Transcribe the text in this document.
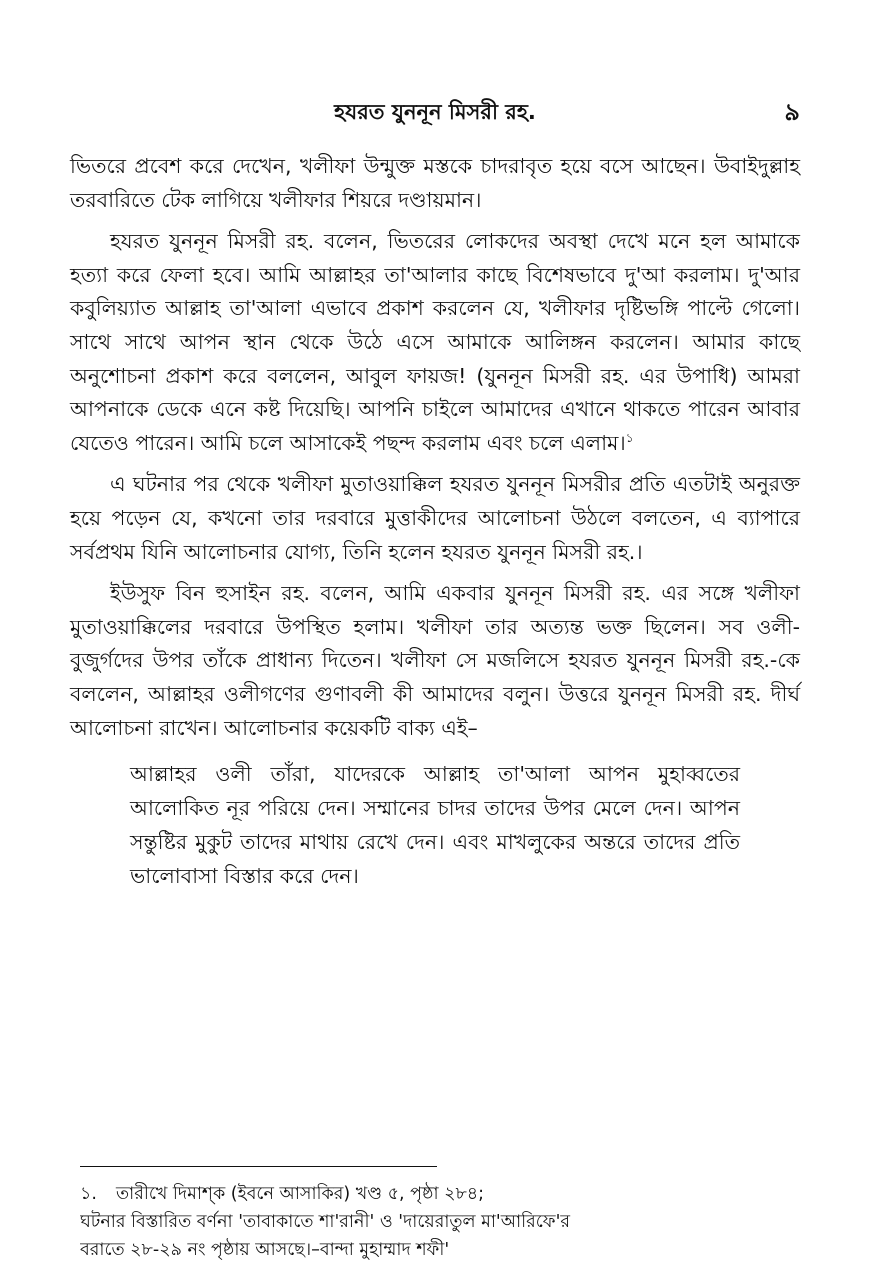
হযরত যুননূন মিসরী রহ.	৯

ভিতরে প্রবেশ করে দেখেন, খলীফা উন্মুক্ত মস্তকে চাদরাবৃত হয়ে বসে আছেন। উবাইদুল্লাহ তরবারিতে টেক লাগিয়ে খলীফার শিয়রে দণ্ডায়মান।

হযরত যুননূন মিসরী রহ. বলেন, ভিতরের লোকদের অবস্থা দেখে মনে হল আমাকে হত্যা করে ফেলা হবে। আমি আল্লাহর তা'আলার কাছে বিশেষভাবে দু'আ করলাম। দু'আর কবুলিয়্যাত আল্লাহ তা'আলা এভাবে প্রকাশ করলেন যে, খলীফার দৃষ্টিভঙ্গি পাল্টে গেলো। সাথে সাথে আপন স্থান থেকে উঠে এসে আমাকে আলিঙ্গন করলেন। আমার কাছে অনুশোচনা প্রকাশ করে বললেন, আবুল ফায়জ! (যুননূন মিসরী রহ. এর উপাধি) আমরা আপনাকে ডেকে এনে কষ্ট দিয়েছি। আপনি চাইলে আমাদের এখানে থাকতে পারেন আবার যেতেও পারেন। আমি চলে আসাকেই পছন্দ করলাম এবং চলে এলাম।$^১$

এ ঘটনার পর থেকে খলীফা মুতাওয়াক্কিল হযরত যুননূন মিসরীর প্রতি এতটাই অনুরক্ত হয়ে পড়েন যে, কখনো তার দরবারে মুত্তাকীদের আলোচনা উঠলে বলতেন, এ ব্যাপারে সর্বপ্রথম যিনি আলোচনার যোগ্য, তিনি হলেন হযরত যুননূন মিসরী রহ.।

ইউসুফ বিন হুসাইন রহ. বলেন, আমি একবার যুননূন মিসরী রহ. এর সঙ্গে খলীফা মুতাওয়াক্কিলের দরবারে উপস্থিত হলাম। খলীফা তার অত্যন্ত ভক্ত ছিলেন। সব ওলী-বুজুর্গদের উপর তাঁকে প্রাধান্য দিতেন। খলীফা সে মজলিসে হযরত যুননূন মিসরী রহ.-কে বললেন, আল্লাহর ওলীগণের গুণাবলী কী আমাদের বলুন। উত্তরে যুননূন মিসরী রহ. দীর্ঘ আলোচনা রাখেন। আলোচনার কয়েকটি বাক্য এই–

আল্লাহর ওলী তাঁরা, যাদেরকে আল্লাহ তা'আলা আপন মুহাব্বতের আলোকিত নূর পরিয়ে দেন। সম্মানের চাদর তাদের উপর মেলে দেন। আপন সন্তুষ্টির মুকুট তাদের মাথায় রেখে দেন। এবং মাখলুকের অন্তরে তাদের প্রতি ভালোবাসা বিস্তার করে দেন।

১. তারীখে দিমাশ্ক (ইবনে আসাকির) খণ্ড ৫, পৃষ্ঠা ২৮৪;
ঘটনার বিস্তারিত বর্ণনা 'তাবাকাতে শা'রানী' ও 'দায়েরাতুল মা'আরিফে'র
বরাতে ২৮-২৯ নং পৃষ্ঠায় আসছে।–বান্দা মুহাম্মাদ শফী'
